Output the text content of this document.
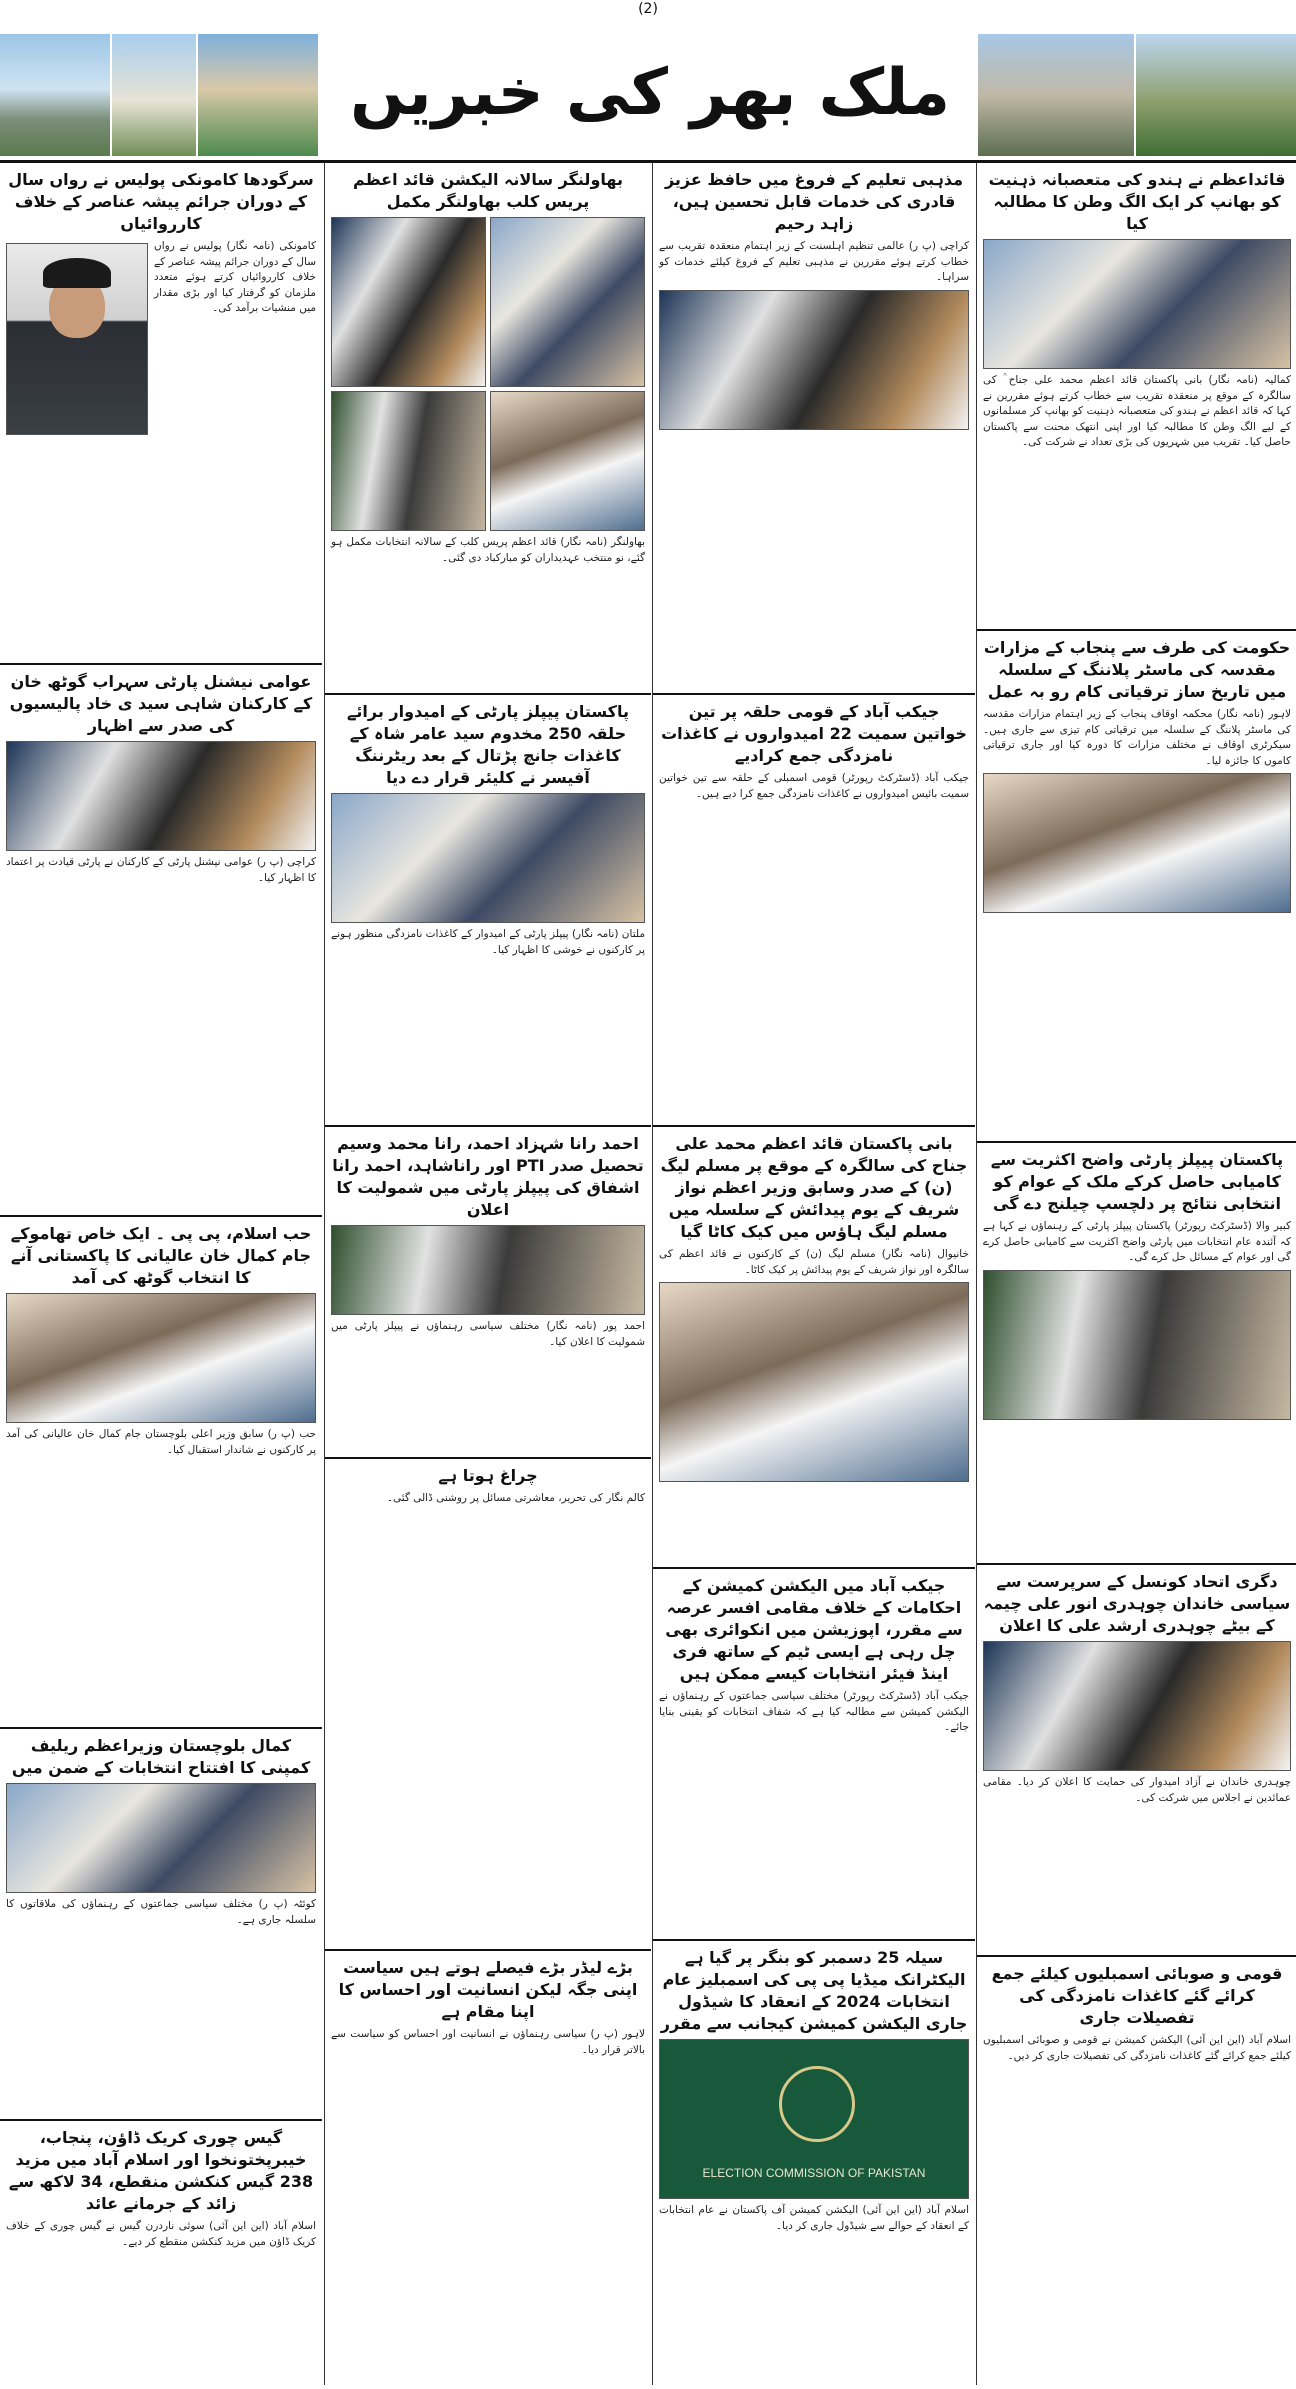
(2)
ملک بھر کی خبریں
قائداعظم نے ہندو کی متعصبانہ ذہنیت کو بھانپ کر ایک الگ وطن کا مطالبہ کیا
کمالیہ (نامہ نگار) بانی پاکستان قائد اعظم محمد علی جناح ؒ کی سالگرہ کے موقع پر منعقدہ تقریب سے خطاب کرتے ہوئے مقررین نے کہا کہ قائد اعظم نے ہندو کی متعصبانہ ذہنیت کو بھانپ کر مسلمانوں کے لیے الگ وطن کا مطالبہ کیا اور اپنی انتھک محنت سے پاکستان حاصل کیا۔ تقریب میں شہریوں کی بڑی تعداد نے شرکت کی۔
حکومت کی طرف سے پنجاب کے مزارات مقدسہ کی ماسٹر پلاننگ کے سلسلہ میں تاریخ ساز ترقیاتی کام رو بہ عمل
لاہور (نامہ نگار) محکمہ اوقاف پنجاب کے زیر اہتمام مزارات مقدسہ کی ماسٹر پلاننگ کے سلسلہ میں ترقیاتی کام تیزی سے جاری ہیں۔ سیکرٹری اوقاف نے مختلف مزارات کا دورہ کیا اور جاری ترقیاتی کاموں کا جائزہ لیا۔
پاکستان پیپلز پارٹی واضح اکثریت سے کامیابی حاصل کرکے ملک کے عوام کو انتخابی نتائج پر دلچسپ چیلنج دے گی
کبیر والا (ڈسٹرکٹ رپورٹر) پاکستان پیپلز پارٹی کے رہنماؤں نے کہا ہے کہ آئندہ عام انتخابات میں پارٹی واضح اکثریت سے کامیابی حاصل کرے گی اور عوام کے مسائل حل کرے گی۔
دگری اتحاد کونسل کے سرپرست سے سیاسی خاندان چوہدری انور علی چیمہ کے بیٹے چوہدری ارشد علی کا اعلان
چوہدری خاندان نے آزاد امیدوار کی حمایت کا اعلان کر دیا۔ مقامی عمائدین نے اجلاس میں شرکت کی۔
قومی و صوبائی اسمبلیوں کیلئے جمع کرائے گئے کاغذات نامزدگی کی تفصیلات جاری
اسلام آباد (این این آئی) الیکشن کمیشن نے قومی و صوبائی اسمبلیوں کیلئے جمع کرائے گئے کاغذات نامزدگی کی تفصیلات جاری کر دیں۔
مذہبی تعلیم کے فروغ میں حافظ عزیز قادری کی خدمات قابل تحسین ہیں، زاہد رحیم
کراچی (پ ر) عالمی تنظیم اہلسنت کے زیر اہتمام منعقدہ تقریب سے خطاب کرتے ہوئے مقررین نے مذہبی تعلیم کے فروغ کیلئے خدمات کو سراہا۔
جیکب آباد کے قومی حلقہ پر تین خواتین سمیت 22 امیدواروں نے کاغذات نامزدگی جمع کرادیے
جیکب آباد (ڈسٹرکٹ رپورٹر) قومی اسمبلی کے حلقہ سے تین خواتین سمیت بائیس امیدواروں نے کاغذات نامزدگی جمع کرا دیے ہیں۔
بانی پاکستان قائد اعظم محمد علی جناح کی سالگرہ کے موقع پر مسلم لیگ (ن) کے صدر وسابق وزیر اعظم نواز شریف کے یوم پیدائش کے سلسلہ میں مسلم لیگ ہاؤس میں کیک کاٹا گیا
خانیوال (نامہ نگار) مسلم لیگ (ن) کے کارکنوں نے قائد اعظم کی سالگرہ اور نواز شریف کے یوم پیدائش پر کیک کاٹا۔
جیکب آباد میں الیکشن کمیشن کے احکامات کے خلاف مقامی افسر عرصہ سے مقرر، اپوزیشن میں انکوائری بھی چل رہی ہے ایسی ٹیم کے ساتھ فری اینڈ فیئر انتخابات کیسے ممکن ہیں
جیکب آباد (ڈسٹرکٹ رپورٹر) مختلف سیاسی جماعتوں کے رہنماؤں نے الیکشن کمیشن سے مطالبہ کیا ہے کہ شفاف انتخابات کو یقینی بنایا جائے۔
سیلہ 25 دسمبر کو بنگر پر گیا ہے الیکٹرانک میڈیا پی پی کی اسمبلیز عام انتخابات 2024 کے انعقاد کا شیڈول جاری الیکشن کمیشن کیجانب سے مقرر
ELECTION COMMISSION OF PAKISTAN
اسلام آباد (این این آئی) الیکشن کمیشن آف پاکستان نے عام انتخابات کے انعقاد کے حوالے سے شیڈول جاری کر دیا۔
بھاولنگر سالانہ الیکشن قائد اعظم پریس کلب بھاولنگر مکمل
بھاولنگر (نامہ نگار) قائد اعظم پریس کلب کے سالانہ انتخابات مکمل ہو گئے، نو منتخب عہدیداران کو مبارکباد دی گئی۔
پاکستان پیپلز پارٹی کے امیدوار برائے حلقہ 250 مخدوم سید عامر شاہ کے کاغذات جانچ پڑتال کے بعد ریٹرننگ آفیسر نے کلیئر قرار دے دیا
ملتان (نامہ نگار) پیپلز پارٹی کے امیدوار کے کاغذات نامزدگی منظور ہونے پر کارکنوں نے خوشی کا اظہار کیا۔
احمد رانا شہزاد احمد، رانا محمد وسیم تحصیل صدر PTI اور راناشاہد، احمد رانا اشفاق کی پیپلز پارٹی میں شمولیت کا اعلان
احمد پور (نامہ نگار) مختلف سیاسی رہنماؤں نے پیپلز پارٹی میں شمولیت کا اعلان کیا۔
چراغ ہوتا ہے
کالم نگار کی تحریر، معاشرتی مسائل پر روشنی ڈالی گئی۔
بڑے لیڈر بڑے فیصلے ہوتے ہیں سیاست اپنی جگہ لیکن انسانیت اور احساس کا اپنا مقام ہے
لاہور (پ ر) سیاسی رہنماؤں نے انسانیت اور احساس کو سیاست سے بالاتر قرار دیا۔
سرگودھا کامونکی پولیس نے رواں سال کے دوران جرائم پیشہ عناصر کے خلاف کارروائیاں
کامونکی (نامہ نگار) پولیس نے رواں سال کے دوران جرائم پیشہ عناصر کے خلاف کارروائیاں کرتے ہوئے متعدد ملزمان کو گرفتار کیا اور بڑی مقدار میں منشیات برآمد کی۔
عوامی نیشنل پارٹی سہراب گوٹھ خان کے کارکنان شاہی سید ی خاد پالیسیوں کی صدر سے اظہار
کراچی (پ ر) عوامی نیشنل پارٹی کے کارکنان نے پارٹی قیادت پر اعتماد کا اظہار کیا۔
حب اسلام، پی پی ۔ ایک خاص تھاموکے جام کمال خان عالیانی کا پاکستانی آنے کا انتخاب گوٹھ کی آمد
حب (پ ر) سابق وزیر اعلی بلوچستان جام کمال خان عالیانی کی آمد پر کارکنوں نے شاندار استقبال کیا۔
کمال بلوچستان وزیراعظم ریلیف کمپنی کا افتتاح انتخابات کے ضمن میں
کوئٹہ (پ ر) مختلف سیاسی جماعتوں کے رہنماؤں کی ملاقاتوں کا سلسلہ جاری ہے۔
گیس چوری کریک ڈاؤن، پنجاب، خیبرپختونخوا اور اسلام آباد میں مزید 238 گیس کنکشن منقطع، 34 لاکھ سے زائد کے جرمانے عائد
اسلام آباد (این این آئی) سوئی ناردرن گیس نے گیس چوری کے خلاف کریک ڈاؤن میں مزید کنکشن منقطع کر دیے۔
